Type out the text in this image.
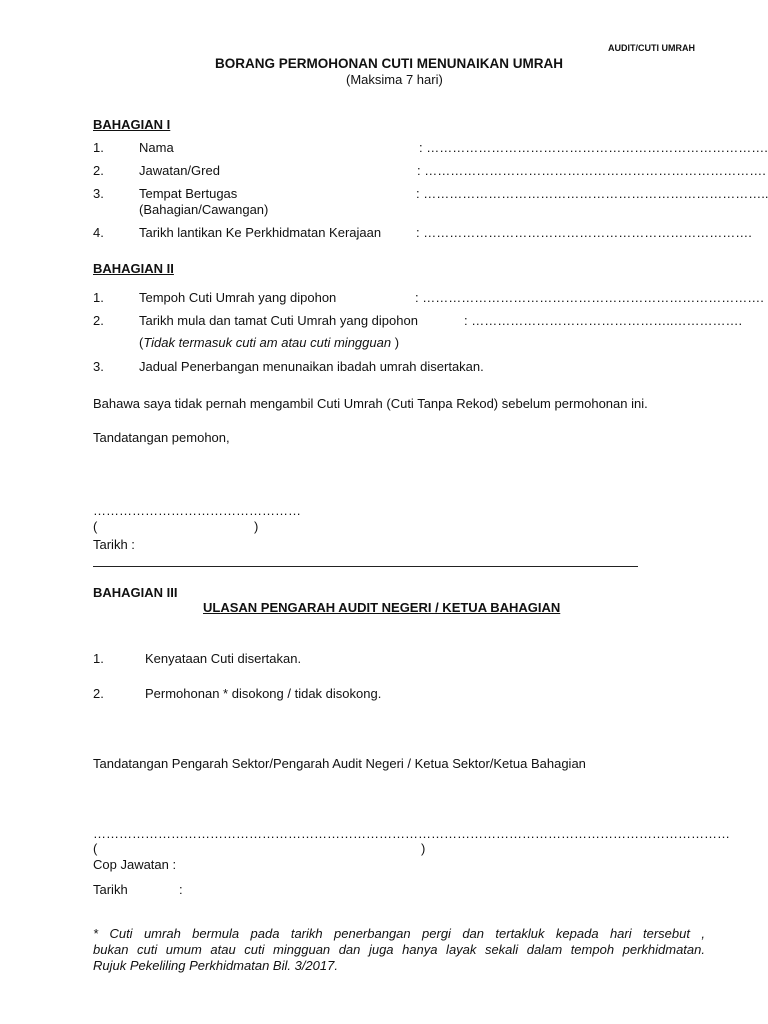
AUDIT/CUTI UMRAH
BORANG PERMOHONAN CUTI MENUNAIKAN UMRAH
(Maksima 7 hari)
BAHAGIAN I
1.	Nama	: …………………………………………………………………….
2.	Jawatan/Gred	: …………………………………………………………………….
3.	Tempat Bertugas
(Bahagian/Cawangan)
: ……………………………………………………………………..
4.	Tarikh lantikan Ke Perkhidmatan Kerajaan	: ………………………………………………………………….
BAHAGIAN II
1.	Tempoh Cuti Umrah yang dipohon	: …………………………………………………………………….
2.	Tarikh mula dan tamat Cuti Umrah yang dipohon	: ………………………………………..…………….
(Tidak termasuk cuti am atau cuti mingguan )
3.	Jadual Penerbangan menunaikan ibadah umrah disertakan.
Bahawa saya tidak pernah mengambil Cuti Umrah (Cuti Tanpa Rekod) sebelum permohonan ini.
Tandatangan pemohon,
…………………………………………
(	)
Tarikh :
BAHAGIAN III
ULASAN PENGARAH AUDIT NEGERI / KETUA BAHAGIAN
1.	Kenyataan Cuti disertakan.
2.	Permohonan * disokong / tidak disokong.
Tandatangan Pengarah Sektor/Pengarah Audit Negeri / Ketua Sektor/Ketua Bahagian
…………………………………………………………………………………………………………………………………
(	)
Cop Jawatan :
Tarikh	:
* Cuti umrah bermula pada tarikh penerbangan pergi dan tertakluk kepada hari tersebut ,
bukan cuti umum atau cuti mingguan dan juga hanya layak sekali dalam tempoh perkhidmatan.
Rujuk Pekeliling Perkhidmatan Bil. 3/2017.
